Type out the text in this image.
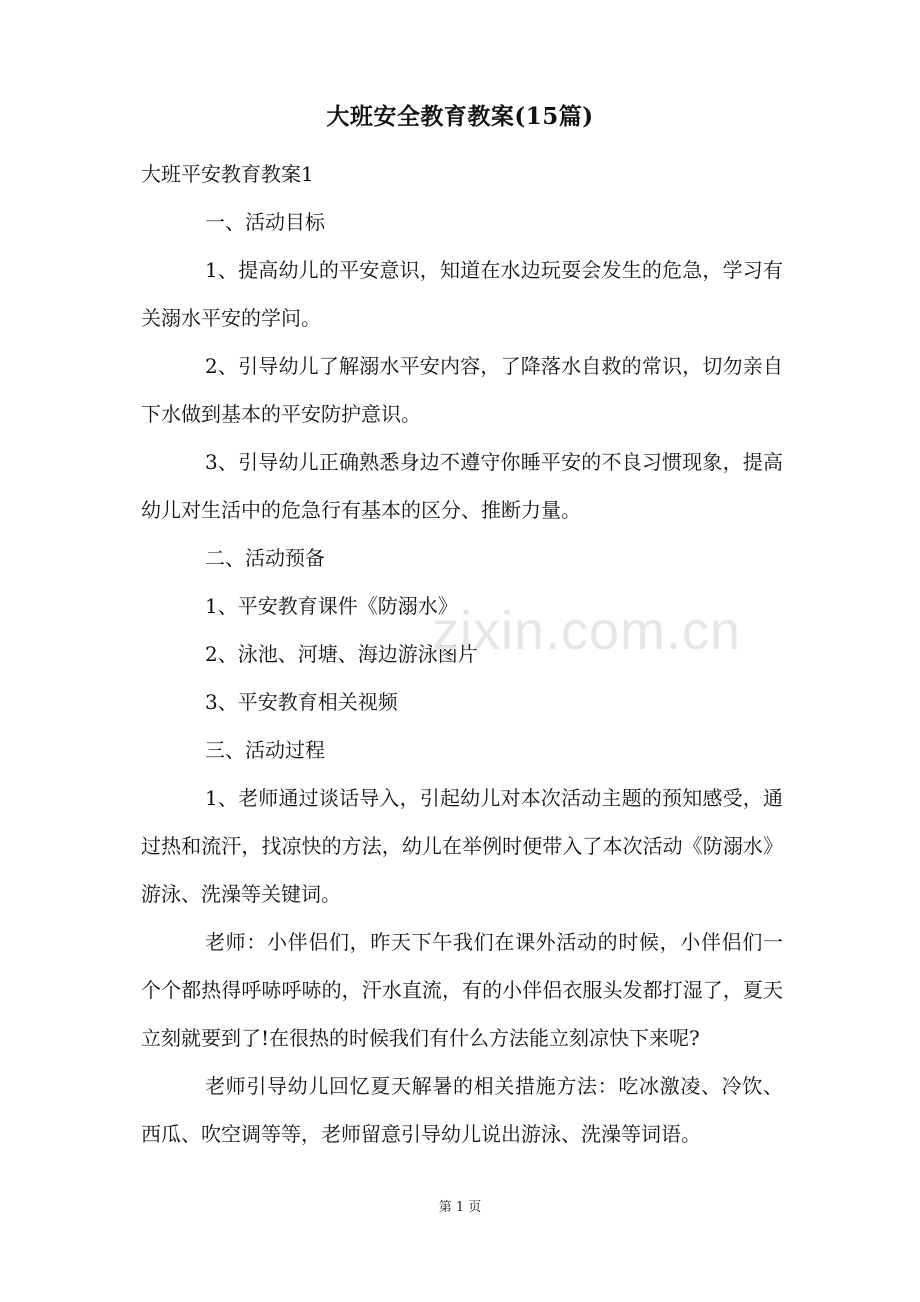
大班安全教育教案(15篇)

大班平安教育教案1

一、活动目标

1、提高幼儿的平安意识，知道在水边玩耍会发生的危急，学习有关溺水平安的学问。

2、引导幼儿了解溺水平安内容，了降落水自救的常识，切勿亲自下水做到基本的平安防护意识。

3、引导幼儿正确熟悉身边不遵守你睡平安的不良习惯现象，提高幼儿对生活中的危急行有基本的区分、推断力量。

二、活动预备

1、平安教育课件《防溺水》

2、泳池、河塘、海边游泳图片

3、平安教育相关视频

三、活动过程

1、老师通过谈话导入，引起幼儿对本次活动主题的预知感受，通过热和流汗，找凉快的方法，幼儿在举例时便带入了本次活动《防溺水》游泳、洗澡等关键词。

老师：小伴侣们，昨天下午我们在课外活动的时候，小伴侣们一个个都热得呼哧呼哧的，汗水直流，有的小伴侣衣服头发都打湿了，夏天立刻就要到了!在很热的时候我们有什么方法能立刻凉快下来呢?

老师引导幼儿回忆夏天解暑的相关措施方法：吃冰激凌、冷饮、西瓜、吹空调等等，老师留意引导幼儿说出游泳、洗澡等词语。

zixin.com.cn
第 1 页
